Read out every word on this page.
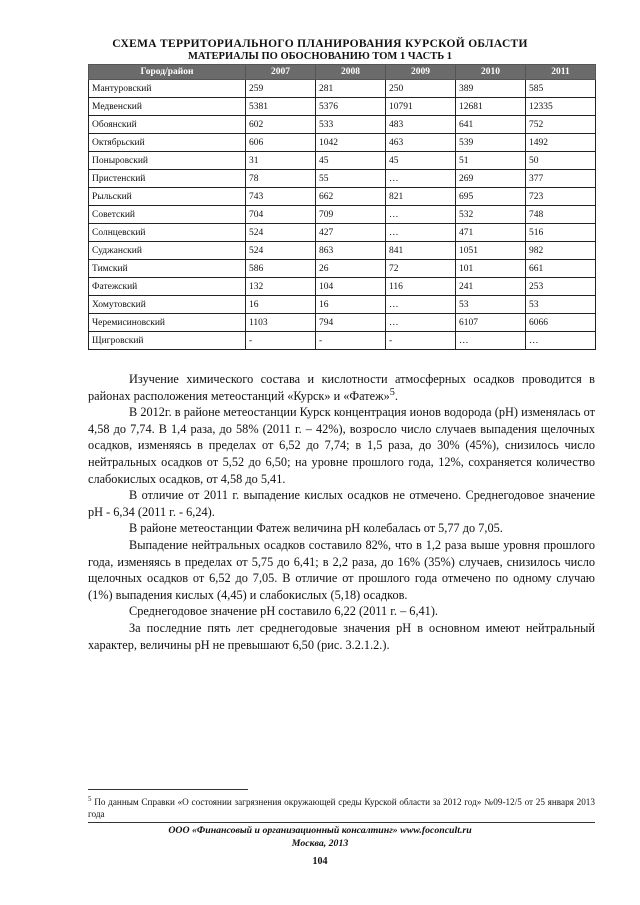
СХЕМА ТЕРРИТОРИАЛЬНОГО ПЛАНИРОВАНИЯ КУРСКОЙ ОБЛАСТИ
МАТЕРИАЛЫ ПО ОБОСНОВАНИЮ ТОМ 1 ЧАСТЬ 1
Город/район	2007	2008	2009	2010	2011
Мантуровский	259	281	250	389	585
Медвенский	5381	5376	10791	12681	12335
Обоянский	602	533	483	641	752
Октябрьский	606	1042	463	539	1492
Поныровский	31	45	45	51	50
Пристенский	78	55	…	269	377
Рыльский	743	662	821	695	723
Советский	704	709	…	532	748
Солнцевский	524	427	…	471	516
Суджанский	524	863	841	1051	982
Тимский	586	26	72	101	661
Фатежский	132	104	116	241	253
Хомутовский	16	16	…	53	53
Черемисиновский	1103	794	…	6107	6066
Щигровский	-	-	-	…	…

Изучение химического состава и кислотности атмосферных осадков проводится в районах расположения метеостанций «Курск» и «Фатеж»$^5$.

В 2012г. в районе метеостанции Курск концентрация ионов водорода (pH) изменялась от 4,58 до 7,74. В 1,4 раза, до 58% (2011 г. – 42%), возросло число случаев выпадения щелочных осадков, изменяясь в пределах от 6,52 до 7,74; в 1,5 раза, до 30% (45%), снизилось число нейтральных осадков от 5,52 до 6,50; на уровне прошлого года, 12%, сохраняется количество слабокислых осадков, от 4,58 до 5,41.

В отличие от 2011 г. выпадение кислых осадков не отмечено. Среднегодовое значение pH - 6,34 (2011 г. - 6,24).

В районе метеостанции Фатеж величина pH колебалась от 5,77 до 7,05.

Выпадение нейтральных осадков составило 82%, что в 1,2 раза выше уровня прошлого года, изменяясь в пределах от 5,75 до 6,41; в 2,2 раза, до 16% (35%) случаев, снизилось число щелочных осадков от 6,52 до 7,05. В отличие от прошлого года отмечено по одному случаю (1%) выпадения кислых (4,45) и слабокислых (5,18) осадков.

Среднегодовое значение pH составило 6,22 (2011 г. – 6,41).

За последние пять лет среднегодовые значения pH в основном имеют нейтральный характер, величины pH не превышают 6,50 (рис. 3.2.1.2.).

$^5$ По данным Справки «О состоянии загрязнения окружающей среды Курской области за 2012 год» №09-12/5 от 25 января 2013 года
ООО «Финансовый и организационный консалтинг» www.foconcult.ru
Москва, 2013
104
